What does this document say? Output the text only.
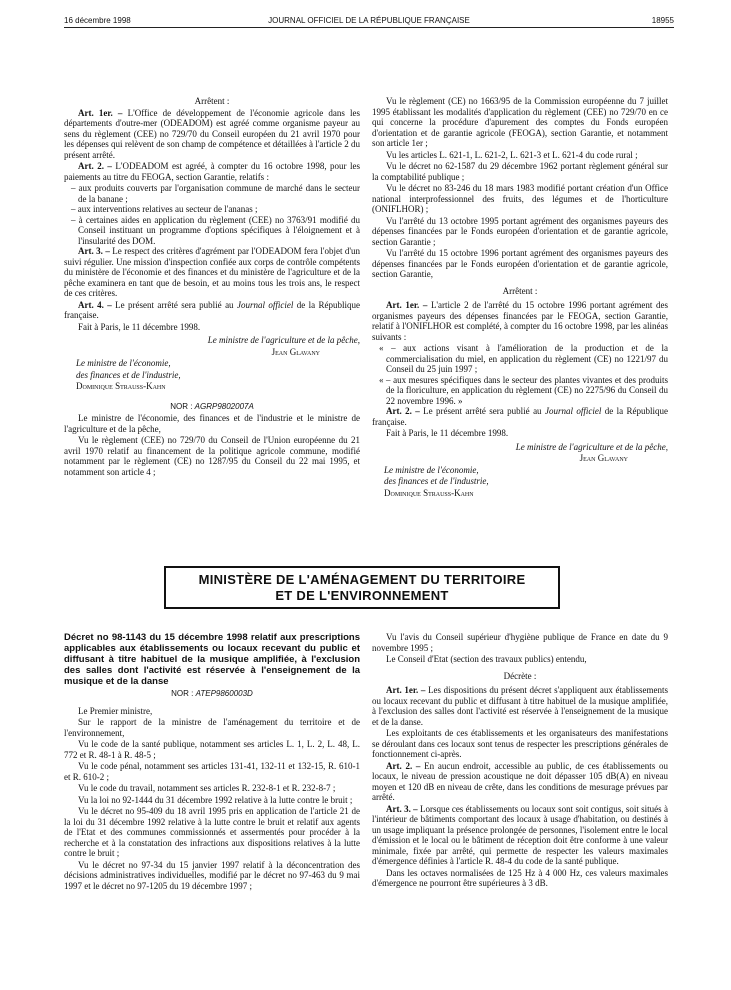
16 décembre 1998	JOURNAL OFFICIEL DE LA RÉPUBLIQUE FRANÇAISE	18955

Arrêtent :

Art. 1er. – L'Office de développement de l'économie agricole dans les départements d'outre-mer (ODEADOM) est agréé comme organisme payeur au sens du règlement (CEE) no 729/70 du Conseil européen du 21 avril 1970 pour les dépenses qui relèvent de son champ de compétence et détaillées à l'article 2 du présent arrêté.

Art. 2. – L'ODEADOM est agréé, à compter du 16 octobre 1998, pour les paiements au titre du FEOGA, section Garantie, relatifs :

– aux produits couverts par l'organisation commune de marché dans le secteur de la banane ;
– aux interventions relatives au secteur de l'ananas ;
– à certaines aides en application du règlement (CEE) no 3763/91 modifié du Conseil instituant un programme d'options spécifiques à l'éloignement et à l'insularité des DOM.

Art. 3. – Le respect des critères d'agrément par l'ODEADOM fera l'objet d'un suivi régulier. Une mission d'inspection confiée aux corps de contrôle compétents du ministère de l'économie et des finances et du ministère de l'agriculture et de la pêche examinera en tant que de besoin, et au moins tous les trois ans, le respect de ces critères.

Art. 4. – Le présent arrêté sera publié au Journal officiel de la République française.

Fait à Paris, le 11 décembre 1998.

Le ministre de l'agriculture et de la pêche,

Jean Glavany

Le ministre de l'économie,

des finances et de l'industrie,

Dominique Strauss-Kahn

NOR : AGRP9802007A

Le ministre de l'économie, des finances et de l'industrie et le ministre de l'agriculture et de la pêche,

Vu le règlement (CEE) no 729/70 du Conseil de l'Union européenne du 21 avril 1970 relatif au financement de la politique agricole commune, modifié notamment par le règlement (CE) no 1287/95 du Conseil du 22 mai 1995, et notamment son article 4 ;

Vu le règlement (CE) no 1663/95 de la Commission européenne du 7 juillet 1995 établissant les modalités d'application du règlement (CEE) no 729/70 en ce qui concerne la procédure d'apurement des comptes du Fonds européen d'orientation et de garantie agricole (FEOGA), section Garantie, et notamment son article 1er ;

Vu les articles L. 621-1, L. 621-2, L. 621-3 et L. 621-4 du code rural ;

Vu le décret no 62-1587 du 29 décembre 1962 portant règlement général sur la comptabilité publique ;

Vu le décret no 83-246 du 18 mars 1983 modifié portant création d'un Office national interprofessionnel des fruits, des légumes et de l'horticulture (ONIFLHOR) ;

Vu l'arrêté du 13 octobre 1995 portant agrément des organismes payeurs des dépenses financées par le Fonds européen d'orientation et de garantie agricole, section Garantie ;

Vu l'arrêté du 15 octobre 1996 portant agrément des organismes payeurs des dépenses financées par le Fonds européen d'orientation et de garantie agricole, section Garantie,

Arrêtent :

Art. 1er. – L'article 2 de l'arrêté du 15 octobre 1996 portant agrément des organismes payeurs des dépenses financées par le FEOGA, section Garantie, relatif à l'ONIFLHOR est complété, à compter du 16 octobre 1998, par les alinéas suivants :

« – aux actions visant à l'amélioration de la production et de la commercialisation du miel, en application du règlement (CE) no 1221/97 du Conseil du 25 juin 1997 ;
« – aux mesures spécifiques dans le secteur des plantes vivantes et des produits de la floriculture, en application du règlement (CE) no 2275/96 du Conseil du 22 novembre 1996. »

Art. 2. – Le présent arrêté sera publié au Journal officiel de la République française.

Fait à Paris, le 11 décembre 1998.

Le ministre de l'agriculture et de la pêche,

Jean Glavany

Le ministre de l'économie,

des finances et de l'industrie,

Dominique Strauss-Kahn

MINISTÈRE DE L'AMÉNAGEMENT DU TERRITOIRE
ET DE L'ENVIRONNEMENT

Décret no 98-1143 du 15 décembre 1998 relatif aux prescriptions applicables aux établissements ou locaux recevant du public et diffusant à titre habituel de la musique amplifiée, à l'exclusion des salles dont l'activité est réservée à l'enseignement de la musique et de la danse

NOR : ATEP9860003D

Le Premier ministre,

Sur le rapport de la ministre de l'aménagement du territoire et de l'environnement,

Vu le code de la santé publique, notamment ses articles L. 1, L. 2, L. 48, L. 772 et R. 48-1 à R. 48-5 ;

Vu le code pénal, notamment ses articles 131-41, 132-11 et 132-15, R. 610-1 et R. 610-2 ;

Vu le code du travail, notamment ses articles R. 232-8-1 et R. 232-8-7 ;

Vu la loi no 92-1444 du 31 décembre 1992 relative à la lutte contre le bruit ;

Vu le décret no 95-409 du 18 avril 1995 pris en application de l'article 21 de la loi du 31 décembre 1992 relative à la lutte contre le bruit et relatif aux agents de l'Etat et des communes commissionnés et assermentés pour procéder à la recherche et à la constatation des infractions aux dispositions relatives à la lutte contre le bruit ;

Vu le décret no 97-34 du 15 janvier 1997 relatif à la déconcentration des décisions administratives individuelles, modifié par le décret no 97-463 du 9 mai 1997 et le décret no 97-1205 du 19 décembre 1997 ;

Vu l'avis du Conseil supérieur d'hygiène publique de France en date du 9 novembre 1995 ;

Le Conseil d'Etat (section des travaux publics) entendu,

Décrète :

Art. 1er. – Les dispositions du présent décret s'appliquent aux établissements ou locaux recevant du public et diffusant à titre habituel de la musique amplifiée, à l'exclusion des salles dont l'activité est réservée à l'enseignement de la musique et de la danse.

Les exploitants de ces établissements et les organisateurs des manifestations se déroulant dans ces locaux sont tenus de respecter les prescriptions générales de fonctionnement ci-après.

Art. 2. – En aucun endroit, accessible au public, de ces établissements ou locaux, le niveau de pression acoustique ne doit dépasser 105 dB(A) en niveau moyen et 120 dB en niveau de crête, dans les conditions de mesurage prévues par arrêté.

Art. 3. – Lorsque ces établissements ou locaux sont soit contigus, soit situés à l'intérieur de bâtiments comportant des locaux à usage d'habitation, ou destinés à un usage impliquant la présence prolongée de personnes, l'isolement entre le local d'émission et le local ou le bâtiment de réception doit être conforme à une valeur minimale, fixée par arrêté, qui permette de respecter les valeurs maximales d'émergence définies à l'article R. 48-4 du code de la santé publique.

Dans les octaves normalisées de 125 Hz à 4 000 Hz, ces valeurs maximales d'émergence ne pourront être supérieures à 3 dB.
